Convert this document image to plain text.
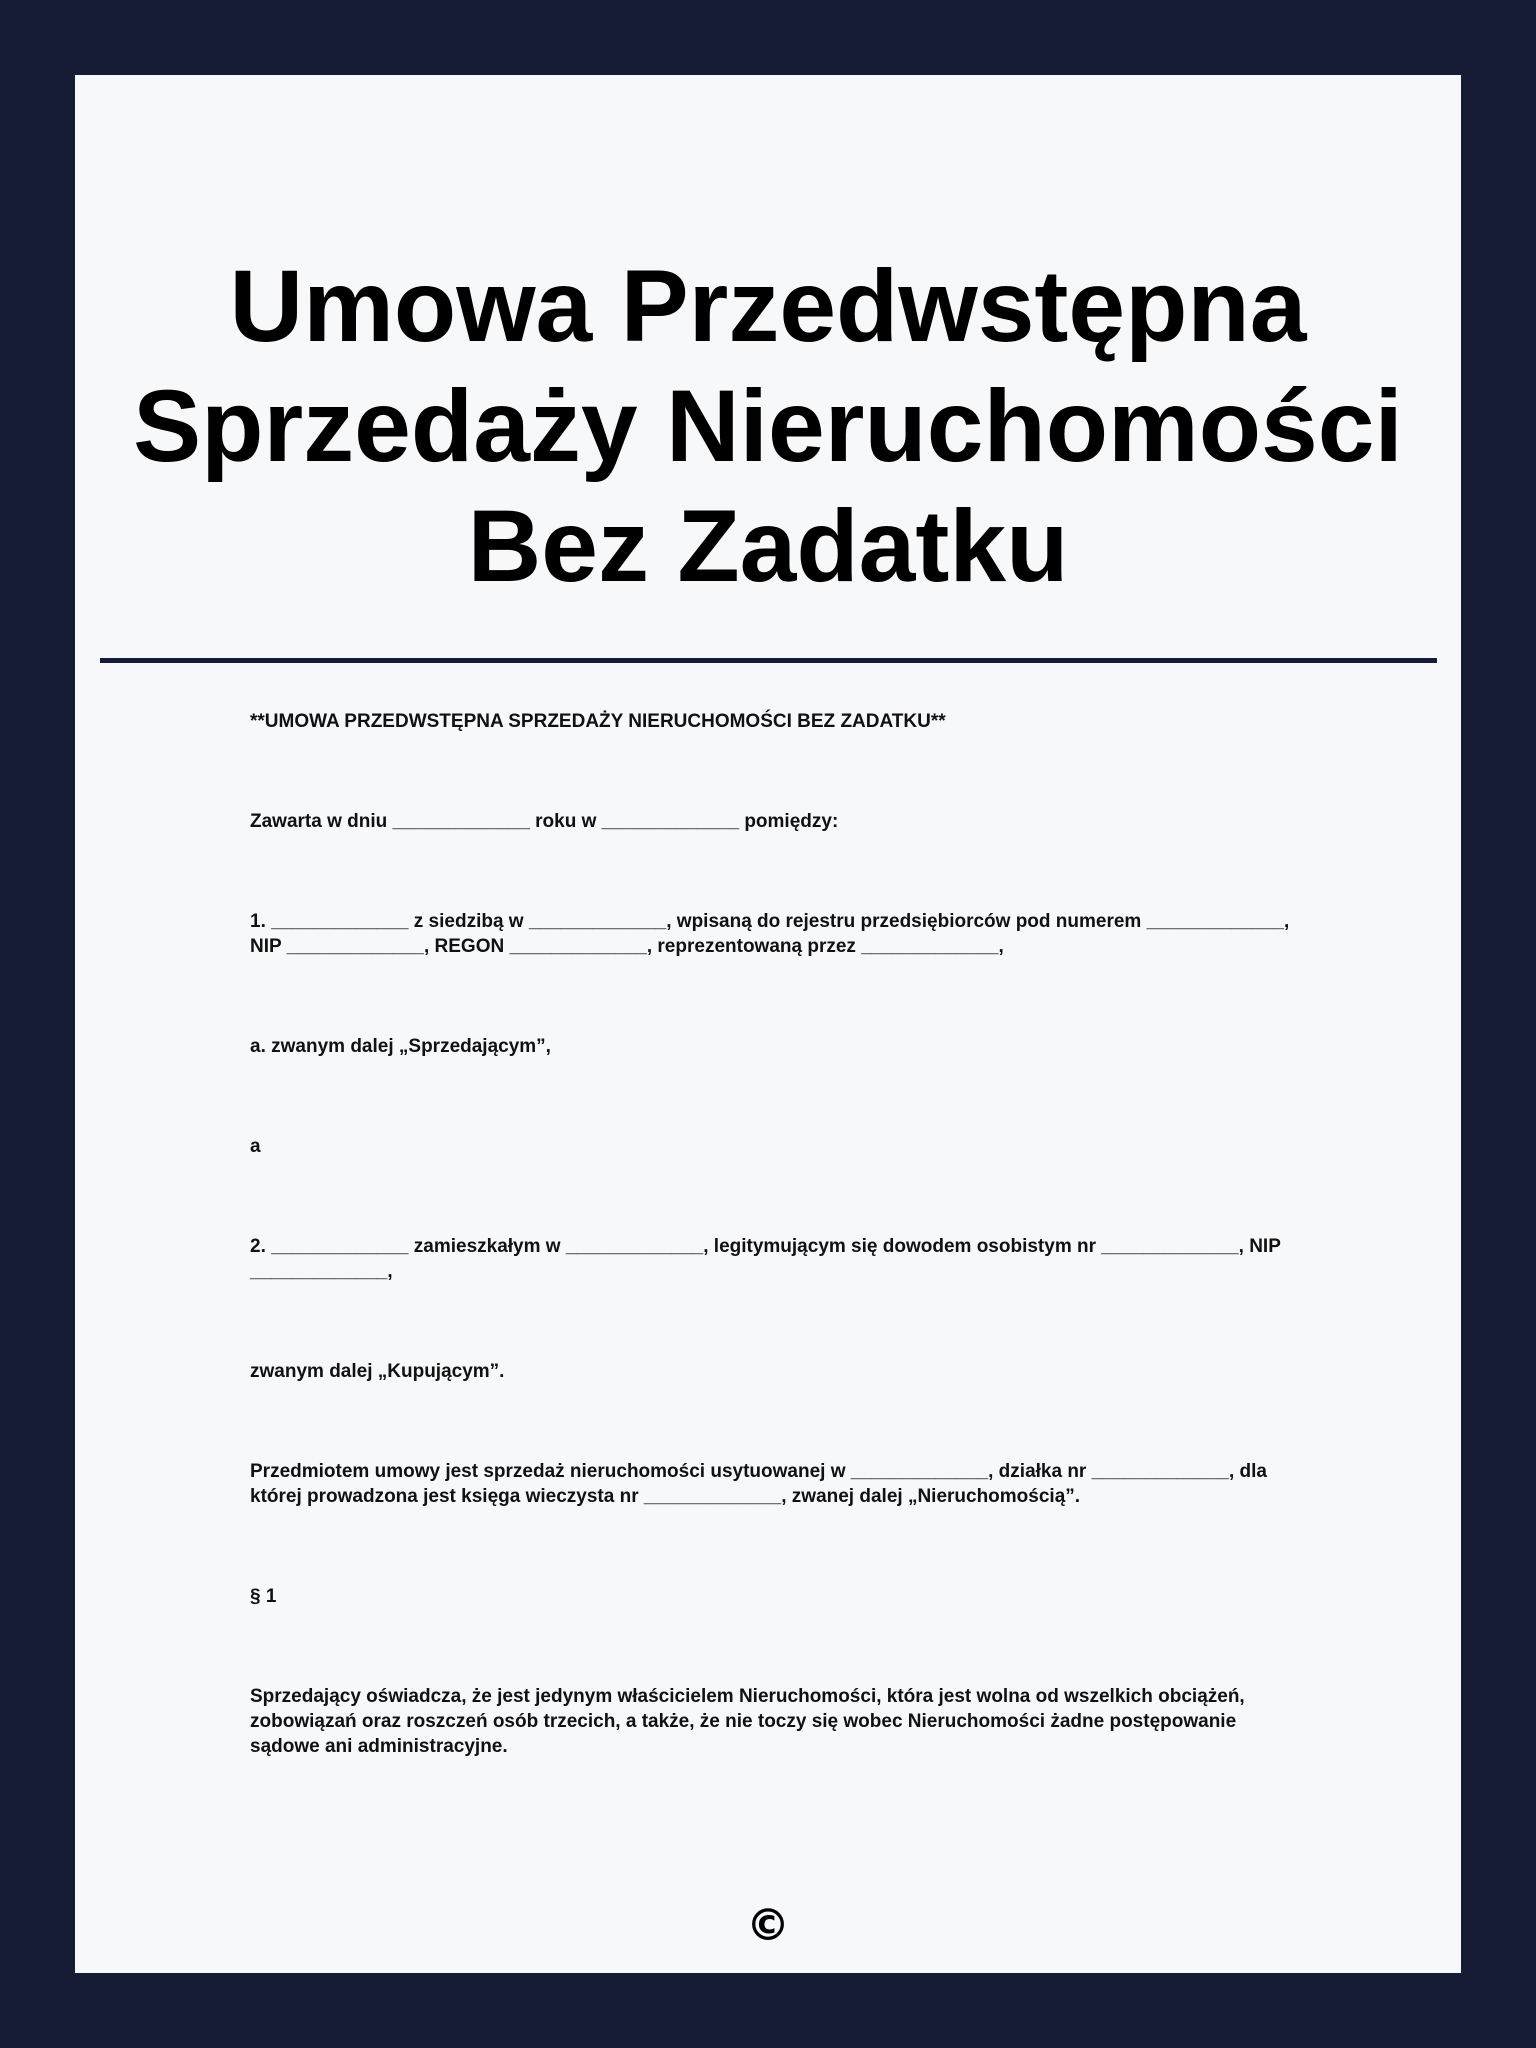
Umowa Przedwstępna
Sprzedaży Nieruchomości
Bez Zadatku

**UMOWA PRZEDWSTĘPNA SPRZEDAŻY NIERUCHOMOŚCI BEZ ZADATKU**

Zawarta w dniu _____________ roku w _____________ pomiędzy:

1. _____________ z siedzibą w _____________, wpisaną do rejestru przedsiębiorców pod numerem _____________, NIP _____________, REGON _____________, reprezentowaną przez _____________,

a. zwanym dalej „Sprzedającym”,

a

2. _____________ zamieszkałym w _____________, legitymującym się dowodem osobistym nr _____________, NIP _____________,

zwanym dalej „Kupującym”.

Przedmiotem umowy jest sprzedaż nieruchomości usytuowanej w _____________, działka nr _____________, dla której prowadzona jest księga wieczysta nr _____________, zwanej dalej „Nieruchomością”.

§ 1

Sprzedający oświadcza, że jest jedynym właścicielem Nieruchomości, która jest wolna od wszelkich obciążeń, zobowiązań oraz roszczeń osób trzecich, a także, że nie toczy się wobec Nieruchomości żadne postępowanie sądowe ani administracyjne.

©
